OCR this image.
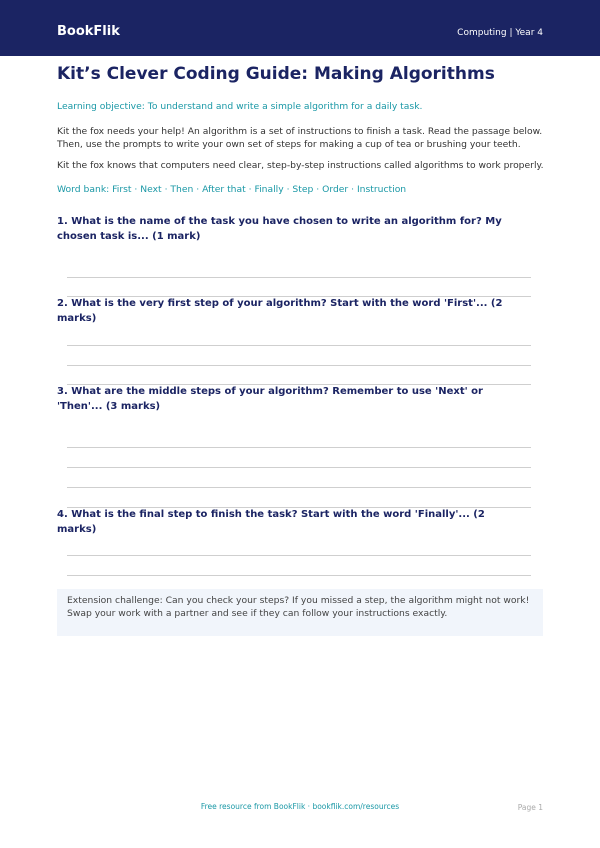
BookFlik	Computing | Year 4
Kit’s Clever Coding Guide: Making Algorithms
Learning objective: To understand and write a simple algorithm for a daily task.

Kit the fox needs your help! An algorithm is a set of instructions to finish a task. Read the passage below. Then, use the prompts to write your own set of steps for making a cup of tea or brushing your teeth.

Kit the fox knows that computers need clear, step-by-step instructions called algorithms to work properly.

Word bank: First · Next · Then · After that · Finally · Step · Order · Instruction

1. What is the name of the task you have chosen to write an algorithm for? My chosen task is... (1 mark)

2. What is the very first step of your algorithm? Start with the word 'First'... (2 marks)

3. What are the middle steps of your algorithm? Remember to use 'Next' or 'Then'... (3 marks)

4. What is the final step to finish the task? Start with the word 'Finally'... (2 marks)

Extension challenge: Can you check your steps? If you missed a step, the algorithm might not work! Swap your work with a partner and see if they can follow your instructions exactly.
Free resource from BookFlik · bookflik.com/resources	Page 1
